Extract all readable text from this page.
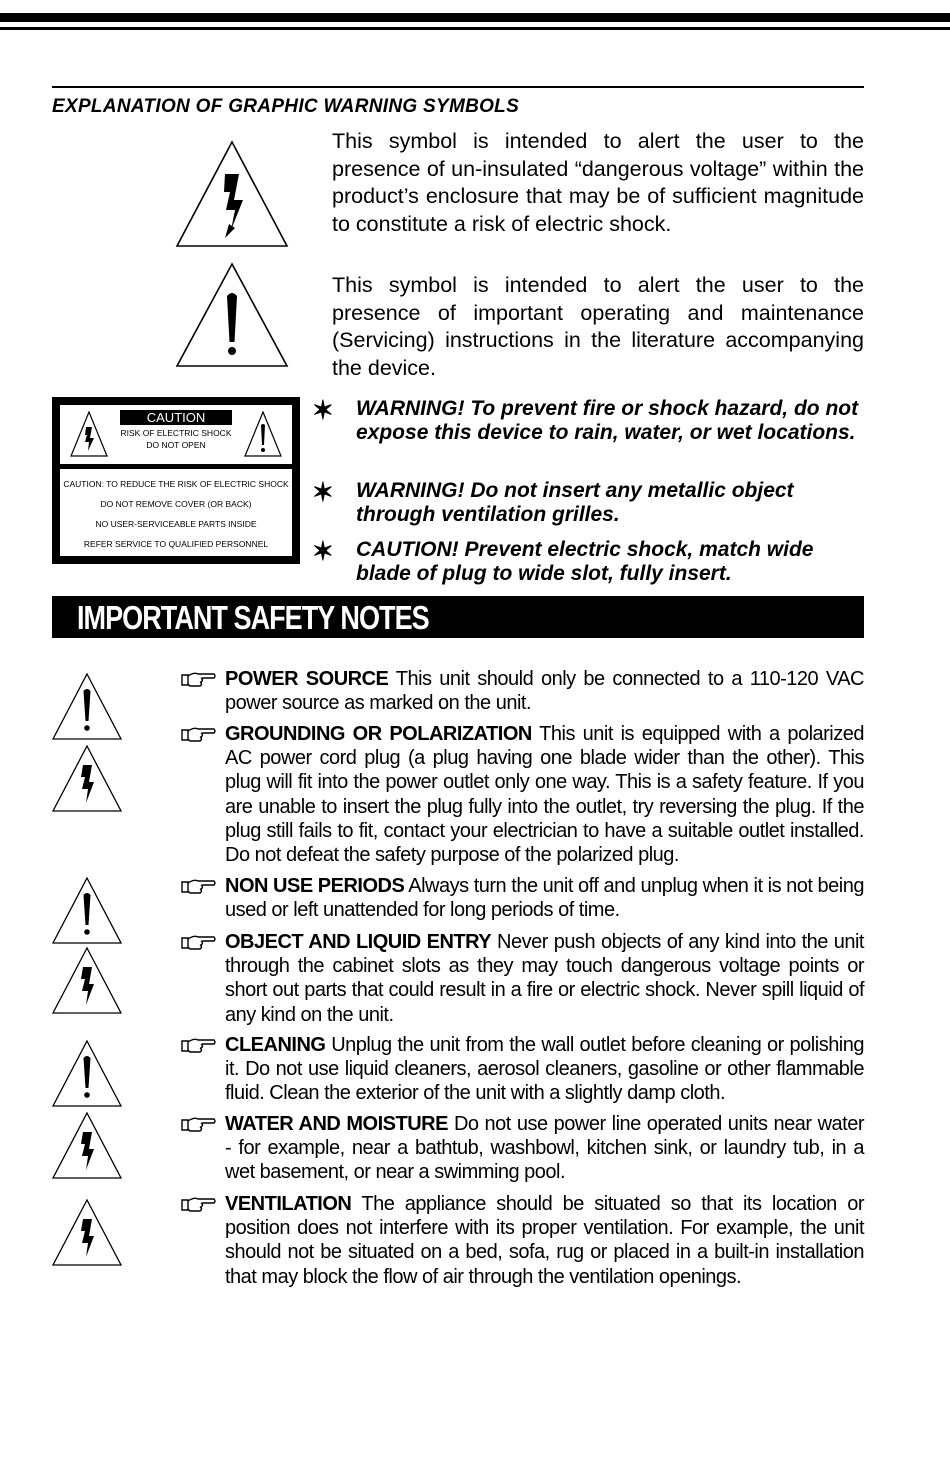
EXPLANATION OF GRAPHIC WARNING SYMBOLS
This symbol is intended to alert the user to the presence of un-insulated “dangerous voltage” within the product’s enclosure that may be of sufficient magnitude to constitute a risk of electric shock.
This symbol is intended to alert the user to the presence of important operating and maintenance (Servicing) instructions in the literature accompanying the device.
CAUTION
RISK OF ELECTRIC SHOCK
DO NOT OPEN
CAUTION: TO REDUCE THE RISK OF ELECTRIC SHOCK
DO NOT REMOVE COVER (OR BACK)
NO USER-SERVICEABLE PARTS INSIDE
REFER SERVICE TO QUALIFIED PERSONNEL
✶ WARNING! To prevent fire or shock hazard, do not expose this device to rain, water, or wet locations.
✶ WARNING! Do not insert any metallic object through ventilation grilles.
✶ CAUTION! Prevent electric shock, match wide blade of plug to wide slot, fully insert.
IMPORTANT SAFETY NOTES
POWER SOURCE This unit should only be connected to a 110-120 VAC power source as marked on the unit.
GROUNDING OR POLARIZATION This unit is equipped with a polarized AC power cord plug (a plug having one blade wider than the other). This plug will fit into the power outlet only one way. This is a safety feature. If you are unable to insert the plug fully into the outlet, try reversing the plug. If the plug still fails to fit, contact your electrician to have a suitable outlet installed. Do not defeat the safety purpose of the polarized plug.
NON USE PERIODS Always turn the unit off and unplug when it is not being used or left unattended for long periods of time.
OBJECT AND LIQUID ENTRY Never push objects of any kind into the unit through the cabinet slots as they may touch dangerous voltage points or short out parts that could result in a fire or electric shock. Never spill liquid of any kind on the unit.
CLEANING Unplug the unit from the wall outlet before cleaning or polishing it. Do not use liquid cleaners, aerosol cleaners, gasoline or other flammable fluid. Clean the exterior of the unit with a slightly damp cloth.
WATER AND MOISTURE Do not use power line operated units near water - for example, near a bathtub, washbowl, kitchen sink, or laundry tub, in a wet basement, or near a swimming pool.
VENTILATION The appliance should be situated so that its location or position does not interfere with its proper ventilation. For example, the unit should not be situated on a bed, sofa, rug or placed in a built-in installation that may block the flow of air through the ventilation openings.
